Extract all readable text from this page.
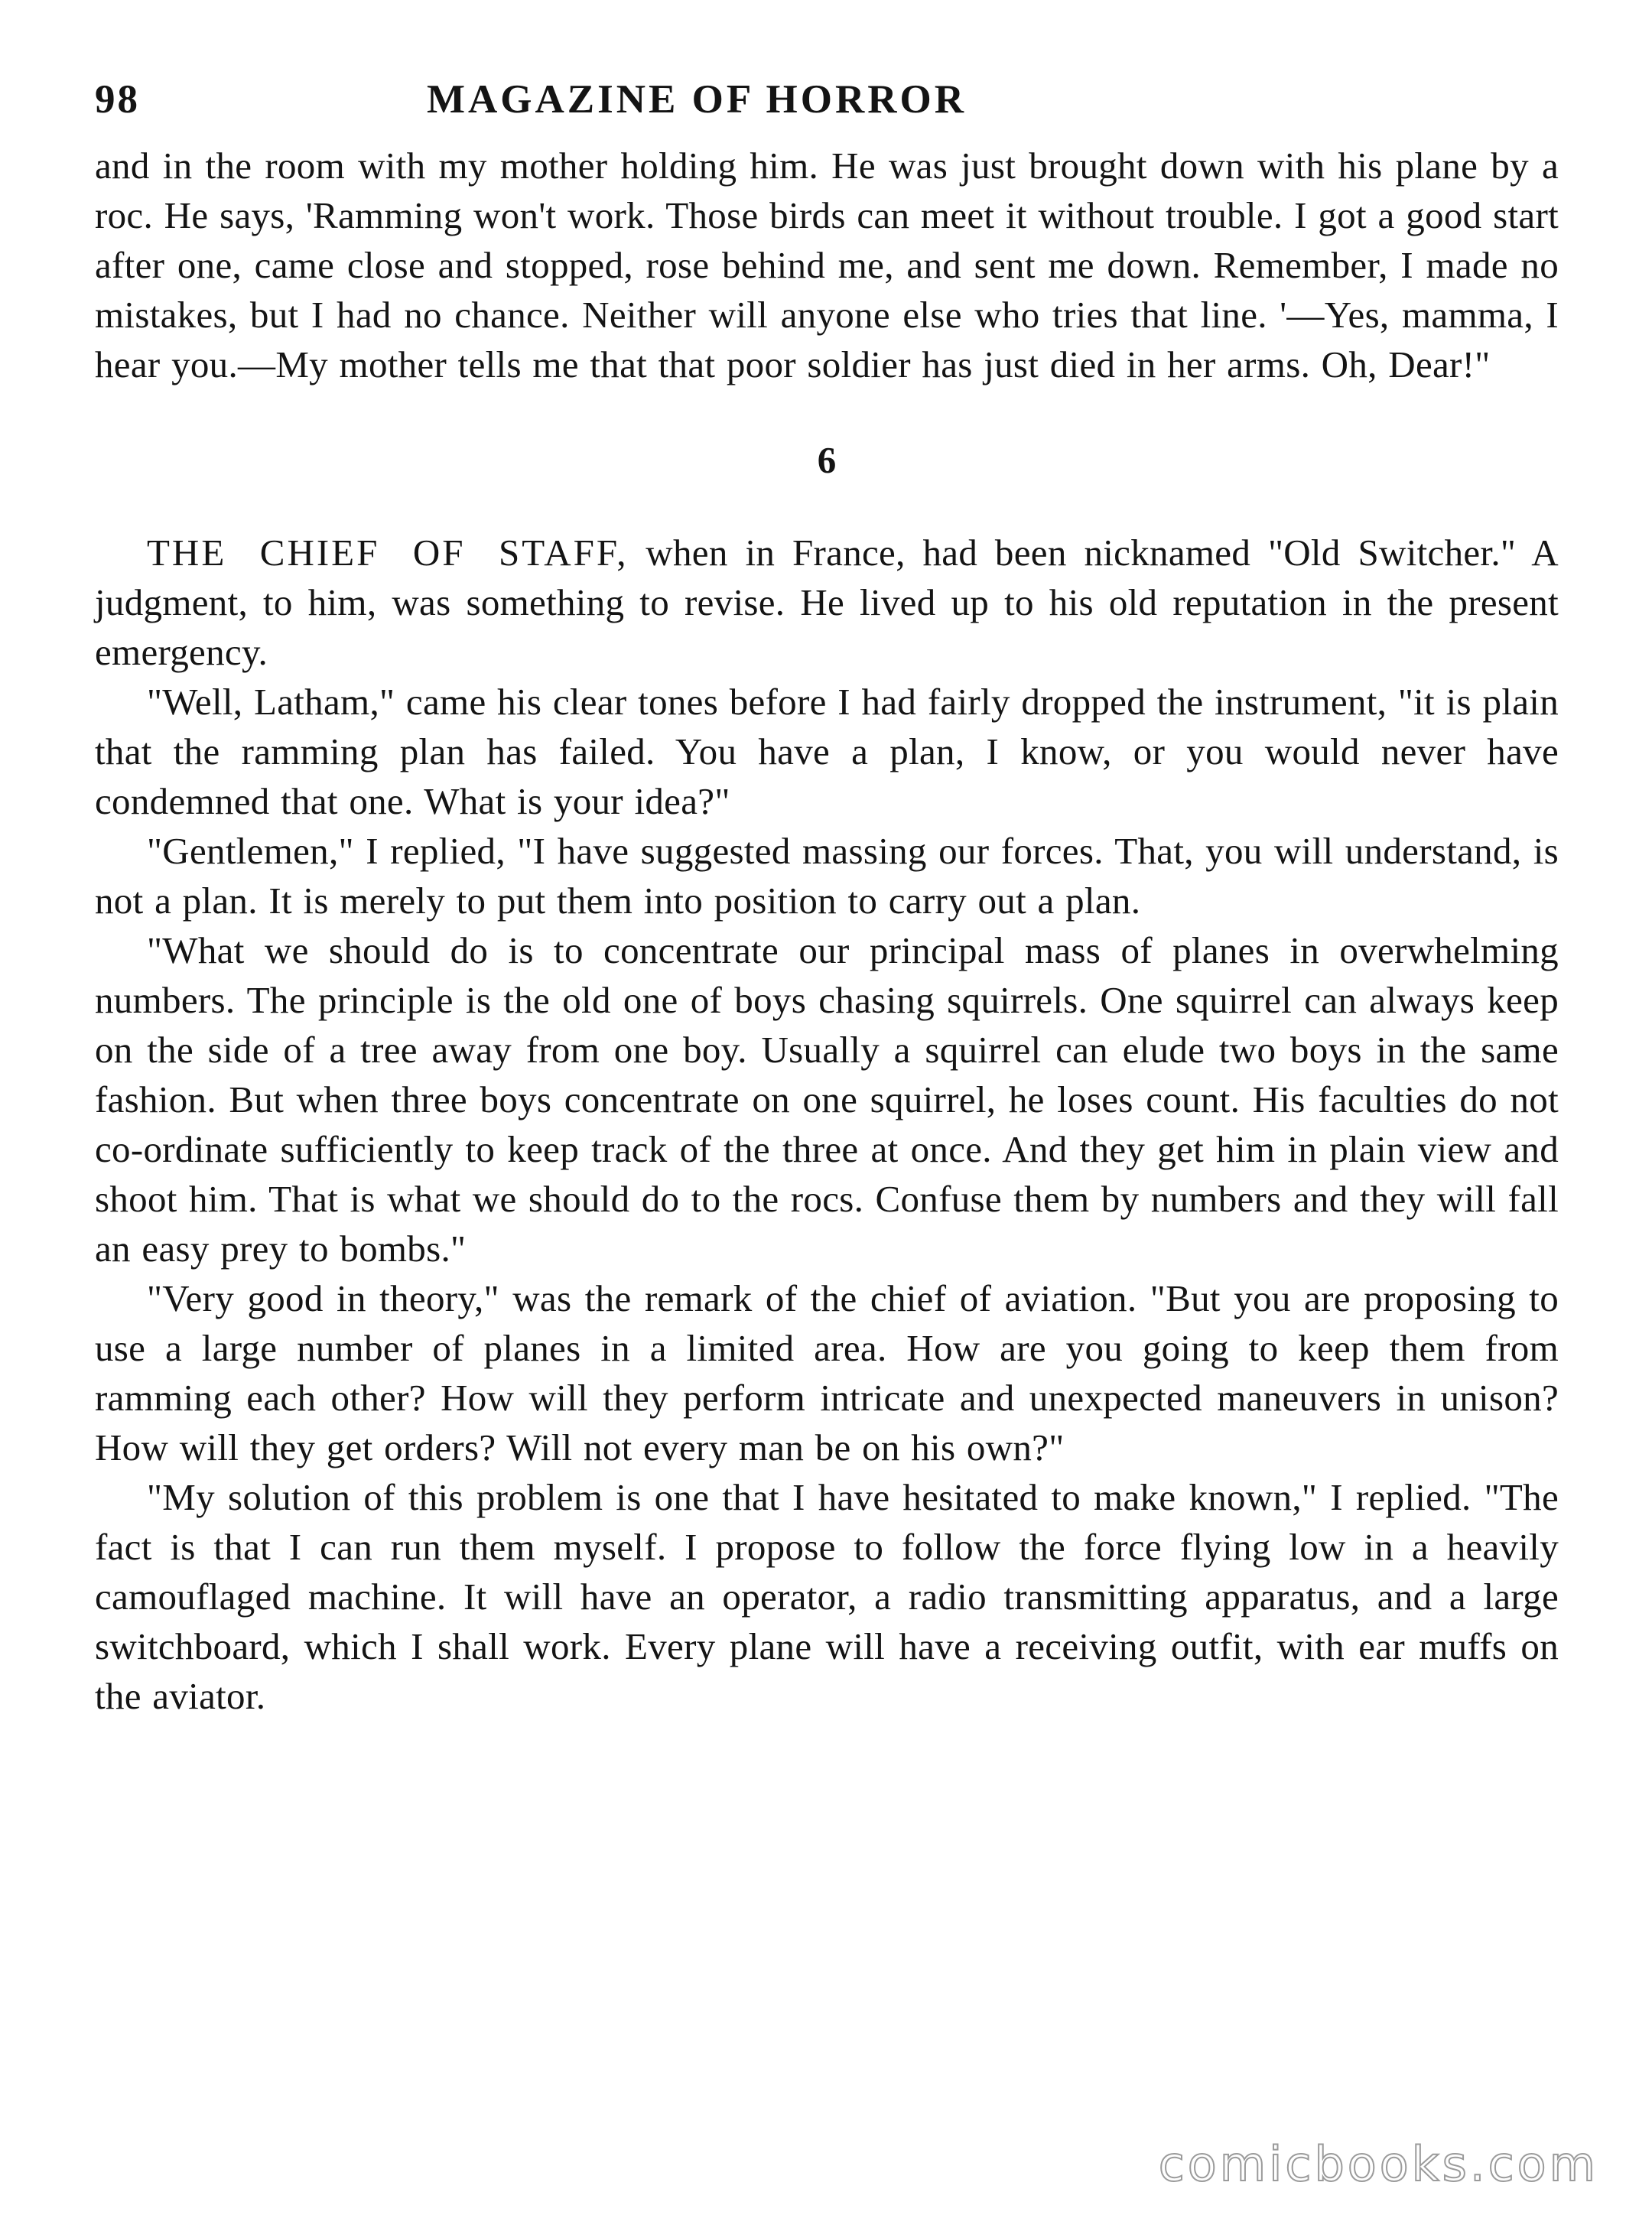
98	MAGAZINE OF HORROR

and in the room with my mother holding him. He was just brought down with his plane by a roc. He says, 'Ramming won't work. Those birds can meet it without trouble. I got a good start after one, came close and stopped, rose behind me, and sent me down. Remember, I made no mistakes, but I had no chance. Neither will anyone else who tries that line. '—Yes, mamma, I hear you.—My mother tells me that that poor soldier has just died in her arms. Oh, Dear!"

6

THE CHIEF OF STAFF, when in France, had been nicknamed "Old Switcher." A judgment, to him, was something to revise. He lived up to his old reputation in the present emergency.

"Well, Latham," came his clear tones before I had fairly dropped the instrument, "it is plain that the ramming plan has failed. You have a plan, I know, or you would never have condemned that one. What is your idea?"

"Gentlemen," I replied, "I have suggested massing our forces. That, you will understand, is not a plan. It is merely to put them into position to carry out a plan.

"What we should do is to concentrate our principal mass of planes in overwhelming numbers. The principle is the old one of boys chasing squirrels. One squirrel can always keep on the side of a tree away from one boy. Usually a squirrel can elude two boys in the same fashion. But when three boys concentrate on one squirrel, he loses count. His faculties do not co-ordinate sufficiently to keep track of the three at once. And they get him in plain view and shoot him. That is what we should do to the rocs. Confuse them by numbers and they will fall an easy prey to bombs."

"Very good in theory," was the remark of the chief of aviation. "But you are proposing to use a large number of planes in a limited area. How are you going to keep them from ramming each other? How will they perform intricate and unexpected maneuvers in unison? How will they get orders? Will not every man be on his own?"

"My solution of this problem is one that I have hesitated to make known," I replied. "The fact is that I can run them myself. I propose to follow the force flying low in a heavily camouflaged machine. It will have an operator, a radio transmitting apparatus, and a large switchboard, which I shall work. Every plane will have a receiving outfit, with ear muffs on the aviator.

comicbooks.com
